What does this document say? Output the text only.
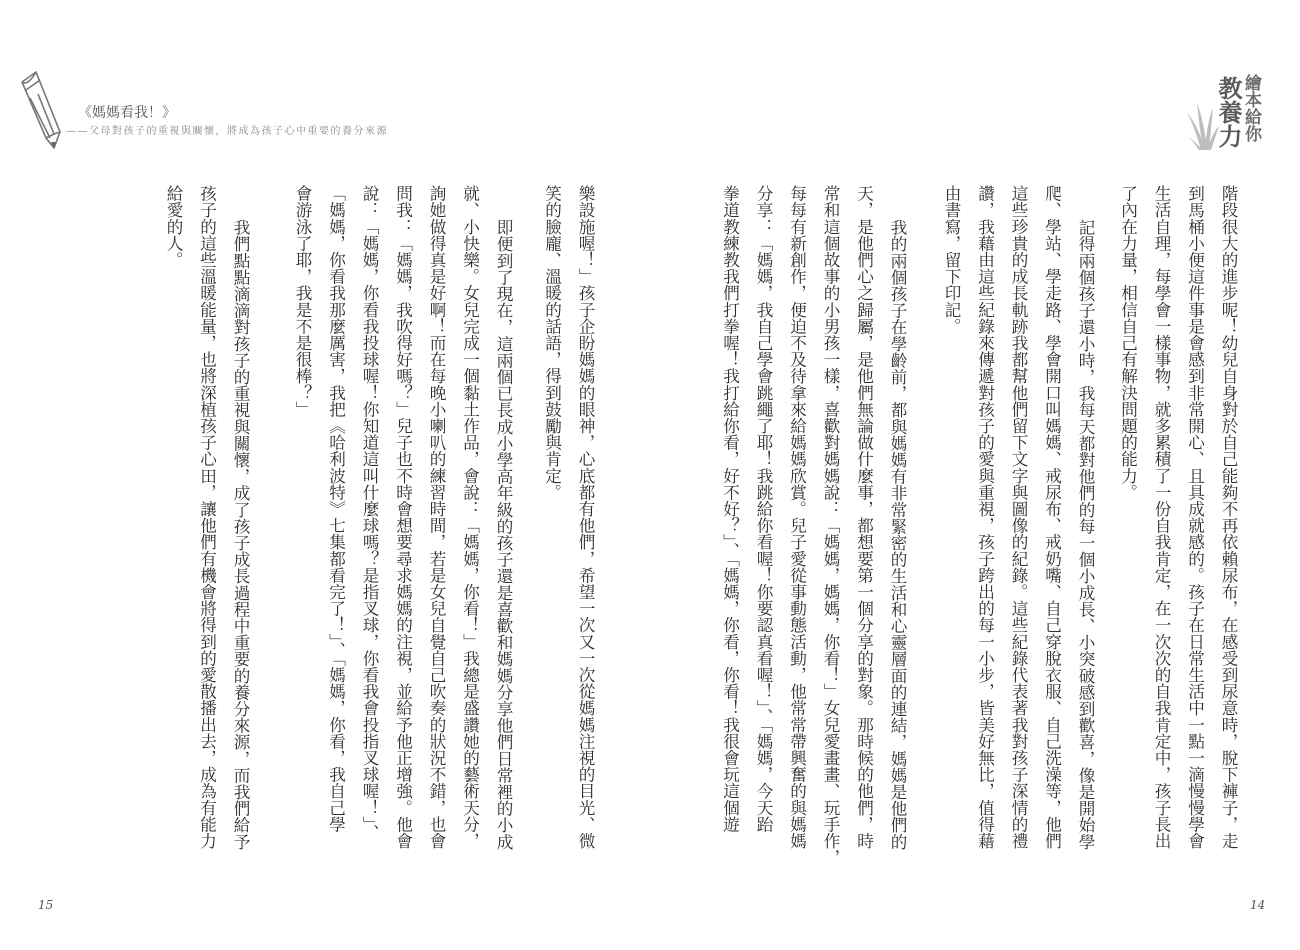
《媽媽看我！》
——父母對孩子的重視與關懷，將成為孩子心中重要的養分來源	教養力 繪本給你
階段很大的進步呢！幼兒自身對於自己能夠不再依賴尿布，在感受到尿意時，脫下褲子，走
到馬桶小便這件事是會感到非常開心、且具成就感的。孩子在日常生活中一點一滴慢慢學會
生活自理，每學會一樣事物，就多累積了一份自我肯定，在一次次的自我肯定中，孩子長出
了內在力量，相信自己有解決問題的能力。
記得兩個孩子還小時，我每天都對他們的每一個小成長、小突破感到歡喜，像是開始學
爬、學站、學走路、學會開口叫媽媽、戒尿布、戒奶嘴、自己穿脫衣服、自己洗澡等，他們
這些珍貴的成長軌跡我都幫他們留下文字與圖像的紀錄。這些紀錄代表著我對孩子深情的禮
讚，我藉由這些紀錄來傳遞對孩子的愛與重視，孩子跨出的每一小步，皆美好無比，值得藉
由書寫，留下印記。
我的兩個孩子在學齡前，都與媽媽有非常緊密的生活和心靈層面的連結，媽媽是他們的
天，是他們心之歸屬，是他們無論做什麼事，都想要第一個分享的對象。那時候的他們，時
常和這個故事的小男孩一樣，喜歡對媽媽說：「媽媽，媽媽，你看！」女兒愛畫畫、玩手作，
每每有新創作，便迫不及待拿來給媽媽欣賞。兒子愛從事動態活動，他常常帶興奮的與媽媽
分享：「媽媽，我自己學會跳繩了耶！我跳給你看喔！你要認真看喔！」、「媽媽，今天跆
拳道教練教我們打拳喔！我打給你看，好不好？」、「媽媽，你看，你看！我很會玩這個遊
樂設施喔！」孩子企盼媽媽的眼神，心底都有他們，希望一次又一次從媽媽注視的目光、微
笑的臉龐、溫暖的話語，得到鼓勵與肯定。
即便到了現在，這兩個已長成小學高年級的孩子還是喜歡和媽媽分享他們日常裡的小成
就、小快樂。女兒完成一個黏土作品，會說：「媽媽，你看！」我總是盛讚她的藝術天分，
詢她做得真是好啊！而在每晚小喇叭的練習時間，若是女兒自覺自己吹奏的狀況不錯，也會
問我：「媽媽，我吹得好嗎？」兒子也不時會想要尋求媽媽的注視，並給予他正增強。他會
說：「媽媽，你看我投球喔！你知道這叫什麼球嗎？是指叉球，你看我會投指叉球喔！」、
「媽媽，你看我那麼厲害，我把《哈利波特》七集都看完了！」、「媽媽，你看，我自己學
會游泳了耶，我是不是很棒？」
我們點點滴滴對孩子的重視與關懷，成了孩子成長過程中重要的養分來源，而我們給予
孩子的這些溫暖能量，也將深植孩子心田，讓他們有機會將得到的愛散播出去，成為有能力
給愛的人。
15	14
